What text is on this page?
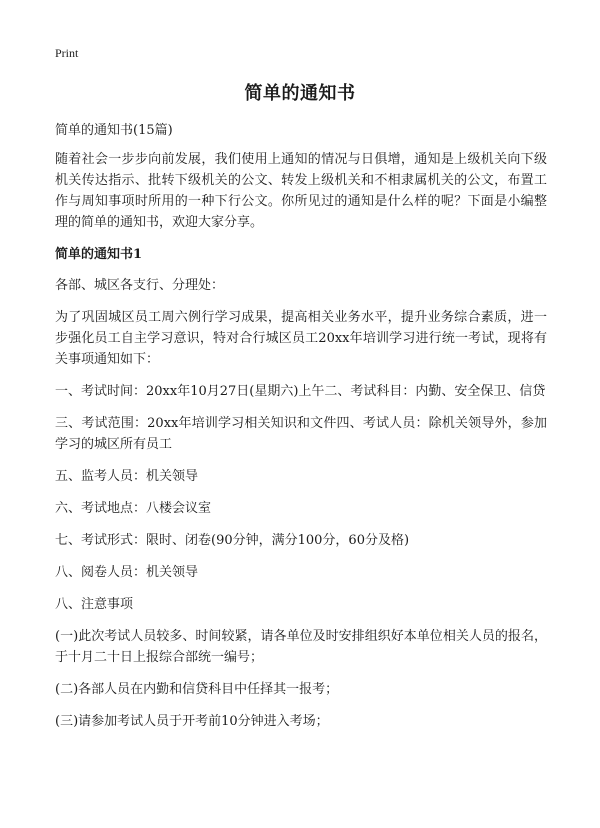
Print
简单的通知书

简单的通知书(15篇)

随着社会一步步向前发展，我们使用上通知的情况与日俱增，通知是上级机关向下级机关传达指示、批转下级机关的公文、转发上级机关和不相隶属机关的公文，布置工作与周知事项时所用的一种下行公文。你所见过的通知是什么样的呢？下面是小编整理的简单的通知书，欢迎大家分享。

简单的通知书1

各部、城区各支行、分理处：

为了巩固城区员工周六例行学习成果，提高相关业务水平，提升业务综合素质，进一步强化员工自主学习意识，特对合行城区员工20xx年培训学习进行统一考试，现将有关事项通知如下：

一、考试时间：20xx年10月27日(星期六)上午二、考试科目：内勤、安全保卫、信贷

三、考试范围：20xx年培训学习相关知识和文件四、考试人员：除机关领导外，参加学习的城区所有员工

五、监考人员：机关领导

六、考试地点：八楼会议室

七、考试形式：限时、闭卷(90分钟，满分100分，60分及格)

八、阅卷人员：机关领导

八、注意事项

(一)此次考试人员较多、时间较紧，请各单位及时安排组织好本单位相关人员的报名，于十月二十日上报综合部统一编号；

(二)各部人员在内勤和信贷科目中任择其一报考；

(三)请参加考试人员于开考前10分钟进入考场；
